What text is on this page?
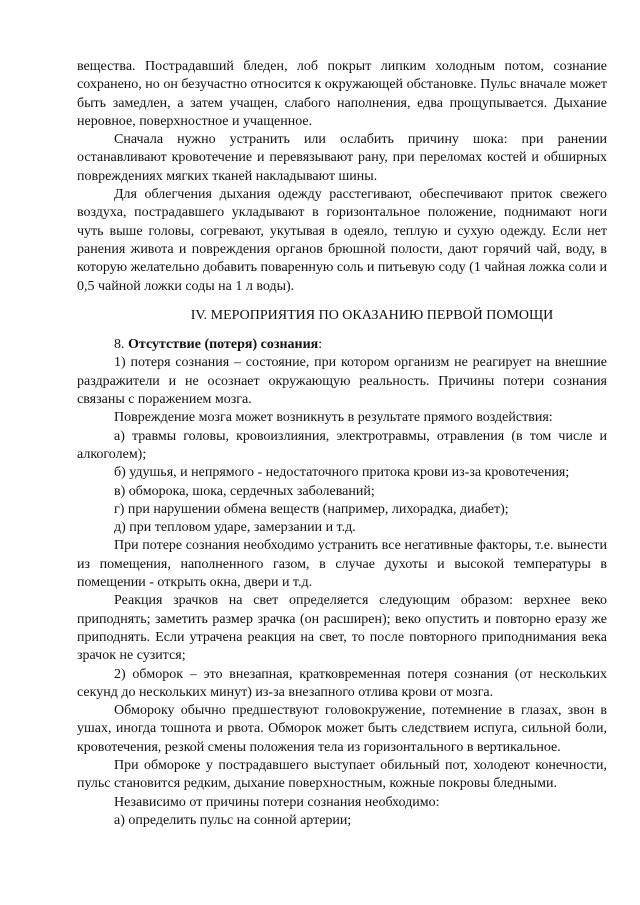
вещества. Пострадавший бледен, лоб покрыт липким холодным потом, сознание сохранено, но он безучастно относится к окружающей обстановке. Пульс вначале может быть замедлен, а затем учащен, слабого наполнения, едва прощупывается. Дыхание неровное, поверхностное и учащенное.

Сначала нужно устранить или ослабить причину шока: при ранении останавливают кровотечение и перевязывают рану, при переломах костей и обширных повреждениях мягких тканей накладывают шины.

Для облегчения дыхания одежду расстегивают, обеспечивают приток свежего воздуха, пострадавшего укладывают в горизонтальное положение, поднимают ноги чуть выше головы, согревают, укутывая в одеяло, теплую и сухую одежду. Если нет ранения живота и повреждения органов брюшной полости, дают горячий чай, воду, в которую желательно добавить поваренную соль и питьевую соду (1 чайная ложка соли и 0,5 чайной ложки соды на 1 л воды).

IV. МЕРОПРИЯТИЯ ПО ОКАЗАНИЮ ПЕРВОЙ ПОМОЩИ

8. Отсутствие (потеря) сознания:

1) потеря сознания – состояние, при котором организм не реагирует на внешние раздражители и не осознает окружающую реальность. Причины потери сознания связаны с поражением мозга.

Повреждение мозга может возникнуть в результате прямого воздействия:

а) травмы головы, кровоизлияния, электротравмы, отравления (в том числе и алкоголем);

б) удушья, и непрямого - недостаточного притока крови из-за кровотечения;

в) обморока, шока, сердечных заболеваний;

г) при нарушении обмена веществ (например, лихорадка, диабет);

д) при тепловом ударе, замерзании и т.д.

При потере сознания необходимо устранить все негативные факторы, т.е. вынести из помещения, наполненного газом, в случае духоты и высокой температуры в помещении - открыть окна, двери и т.д.

Реакция зрачков на свет определяется следующим образом: верхнее веко приподнять; заметить размер зрачка (он расширен); веко опустить и повторно еразу же приподнять. Если утрачена реакция на свет, то после повторного приподнимания века зрачок не сузится;

2) обморок – это внезапная, кратковременная потеря сознания (от нескольких секунд до нескольких минут) из-за внезапного отлива крови от мозга.

Обмороку обычно предшествуют головокружение, потемнение в глазах, звон в ушах, иногда тошнота и рвота. Обморок может быть следствием испуга, сильной боли, кровотечения, резкой смены положения тела из горизонтального в вертикальное.

При обмороке у пострадавшего выступает обильный пот, холодеют конечности, пульс становится редким, дыхание поверхностным, кожные покровы бледными.

Независимо от причины потери сознания необходимо:

а) определить пульс на сонной артерии;
